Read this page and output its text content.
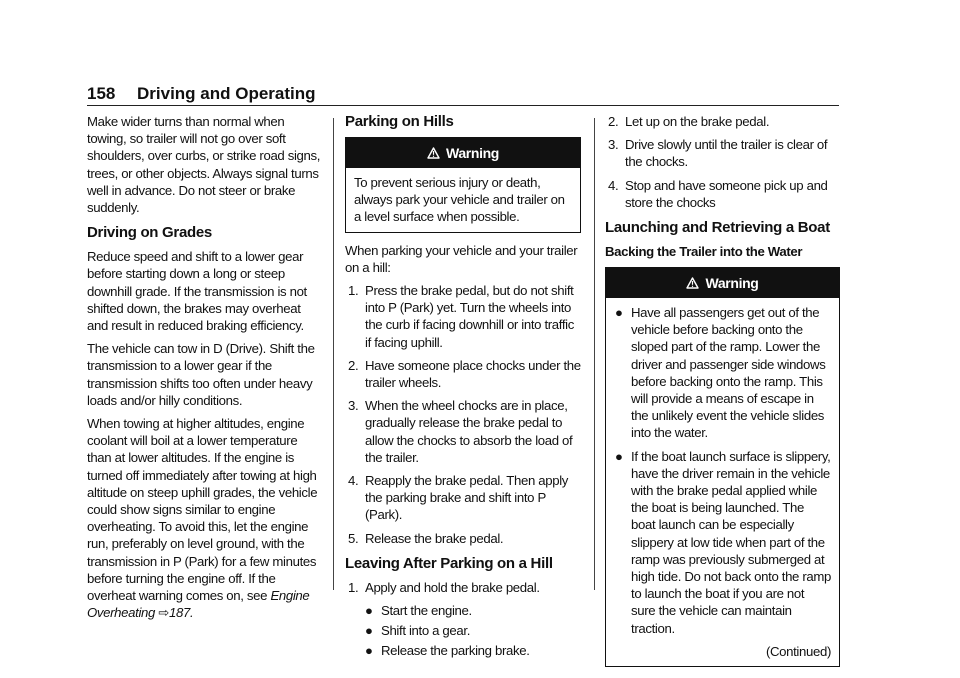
158 Driving and Operating

Make wider turns than normal when towing, so trailer will not go over soft shoulders, over curbs, or strike road signs, trees, or other objects. Always signal turns well in advance. Do not steer or brake suddenly.

Driving on Grades

Reduce speed and shift to a lower gear before starting down a long or steep downhill grade. If the transmission is not shifted down, the brakes may overheat and result in reduced braking efficiency.

The vehicle can tow in D (Drive). Shift the transmission to a lower gear if the transmission shifts too often under heavy loads and/or hilly conditions.

When towing at higher altitudes, engine coolant will boil at a lower temperature than at lower altitudes. If the engine is turned off immediately after towing at high altitude on steep uphill grades, the vehicle could show signs similar to engine overheating. To avoid this, let the engine run, preferably on level ground, with the transmission in P (Park) for a few minutes before turning the engine off. If the overheat warning comes on, see Engine Overheating ⇨187.

Parking on Hills
Warning
To prevent serious injury or death, always park your vehicle and trailer on a level surface when possible.

When parking your vehicle and your trailer on a hill:

1. Press the brake pedal, but do not shift into P (Park) yet. Turn the wheels into the curb if facing downhill or into traffic if facing uphill.
2. Have someone place chocks under the trailer wheels.
3. When the wheel chocks are in place, gradually release the brake pedal to allow the chocks to absorb the load of the trailer.
4. Reapply the brake pedal. Then apply the parking brake and shift into P (Park).
5. Release the brake pedal.
Leaving After Parking on a Hill
1. Apply and hold the brake pedal.
● Start the engine.
● Shift into a gear.
● Release the parking brake.
2. Let up on the brake pedal.
3. Drive slowly until the trailer is clear of the chocks.
4. Stop and have someone pick up and store the chocks
Launching and Retrieving a Boat
Backing the Trailer into the Water
Warning
● Have all passengers get out of the vehicle before backing onto the sloped part of the ramp. Lower the driver and passenger side windows before backing onto the ramp. This will provide a means of escape in the unlikely event the vehicle slides into the water.
● If the boat launch surface is slippery, have the driver remain in the vehicle with the brake pedal applied while the boat is being launched. The boat launch can be especially slippery at low tide when part of the ramp was previously submerged at high tide. Do not back onto the ramp to launch the boat if you are not sure the vehicle can maintain traction.

(Continued)
